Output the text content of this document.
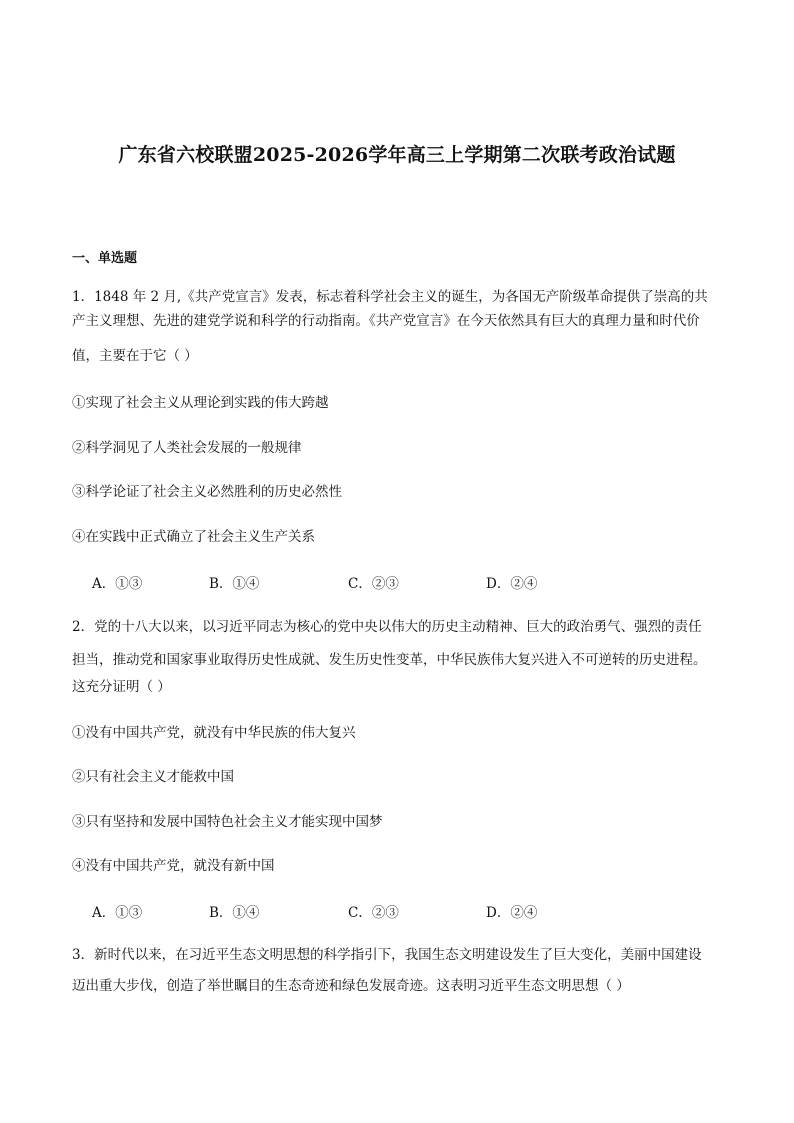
广东省六校联盟2025-2026学年高三上学期第二次联考政治试题
一、单选题
1．1848 年 2 月,《共产党宣言》发表，标志着科学社会主义的诞生，为各国无产阶级革命提供了崇高的共
产主义理想、先进的建党学说和科学的行动指南。《共产党宣言》在今天依然具有巨大的真理力量和时代价
值，主要在于它（ ）
①实现了社会主义从理论到实践的伟大跨越
②科学洞见了人类社会发展的一般规律
③科学论证了社会主义必然胜利的历史必然性
④在实践中正式确立了社会主义生产关系
A．①③	B．①④	C．②③	D．②④
2．党的十八大以来，以习近平同志为核心的党中央以伟大的历史主动精神、巨大的政治勇气、强烈的责任
担当，推动党和国家事业取得历史性成就、发生历史性变革，中华民族伟大复兴进入不可逆转的历史进程。
这充分证明（ ）
①没有中国共产党，就没有中华民族的伟大复兴
②只有社会主义才能救中国
③只有坚持和发展中国特色社会主义才能实现中国梦
④没有中国共产党，就没有新中国
A．①③	B．①④	C．②③	D．②④
3．新时代以来，在习近平生态文明思想的科学指引下，我国生态文明建设发生了巨大变化，美丽中国建设
迈出重大步伐，创造了举世瞩目的生态奇迹和绿色发展奇迹。这表明习近平生态文明思想（ ）
